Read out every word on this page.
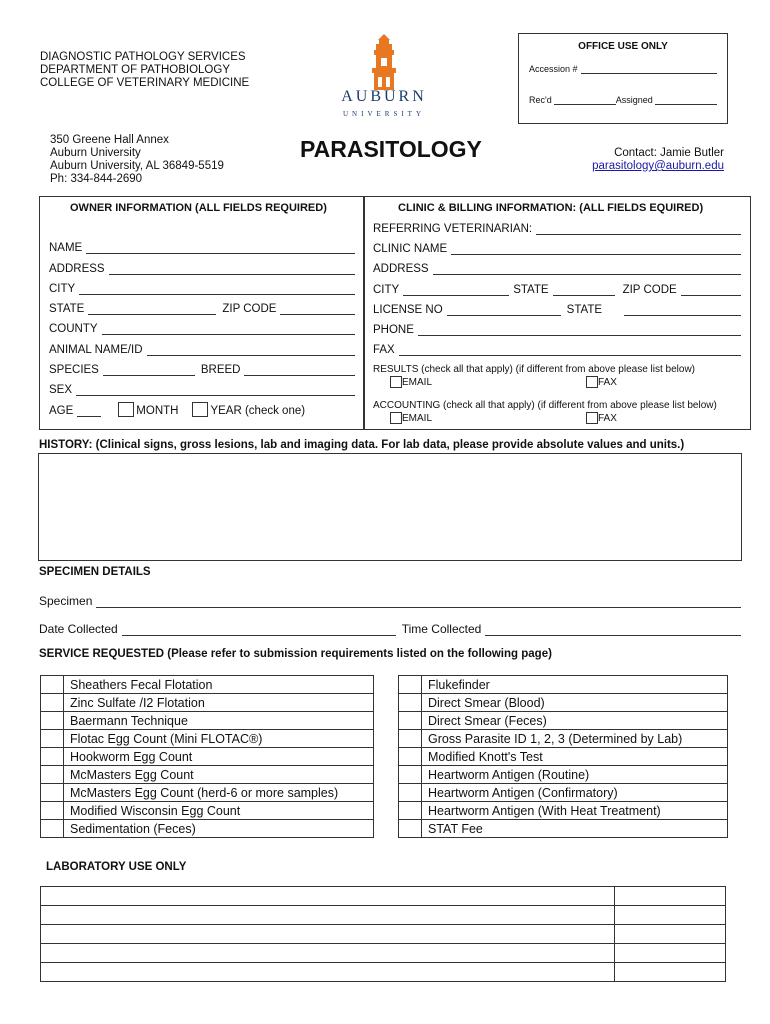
DIAGNOSTIC PATHOLOGY SERVICES
DEPARTMENT OF PATHOBIOLOGY
COLLEGE OF VETERINARY MEDICINE
AUBURN
UNIVERSITY
OFFICE USE ONLY
Accession #
Rec'd	Assigned
350 Greene Hall Annex
Auburn University
Auburn University, AL 36849-5519
Ph: 334-844-2690
PARASITOLOGY	Contact: Jamie Butler
parasitology@auburn.edu
OWNER INFORMATION (ALL FIELDS REQUIRED)
NAME
ADDRESS
CITY
STATE	ZIP CODE
COUNTY
ANIMAL NAME/ID
SPECIES	BREED
SEX
AGE	MONTH	YEAR (check one)
CLINIC & BILLING INFORMATION: (ALL FIELDS EQUIRED)
REFERRING VETERINARIAN:
CLINIC NAME
ADDRESS
CITY	STATE	ZIP CODE
LICENSE NO	STATE
PHONE
FAX
RESULTS (check all that apply) (if different from above please list below)
EMAIL	FAX
ACCOUNTING (check all that apply) (if different from above please list below)
EMAIL	FAX
HISTORY: (Clinical signs, gross lesions, lab and imaging data. For lab data, please provide absolute values and units.)
SPECIMEN DETAILS
Specimen
Date Collected	Time Collected
SERVICE REQUESTED (Please refer to submission requirements listed on the following page)
	Sheathers Fecal Flotation
	Zinc Sulfate /I2 Flotation
	Baermann Technique
	Flotac Egg Count (Mini FLOTAC®)
	Hookworm Egg Count
	McMasters Egg Count
	McMasters Egg Count (herd-6 or more samples)
	Modified Wisconsin Egg Count
	Sedimentation (Feces)
	Flukefinder
	Direct Smear (Blood)
	Direct Smear (Feces)
	Gross Parasite ID 1, 2, 3 (Determined by Lab)
	Modified Knott's Test
	Heartworm Antigen (Routine)
	Heartworm Antigen (Confirmatory)
	Heartworm Antigen (With Heat Treatment)
	STAT Fee
LABORATORY USE ONLY
